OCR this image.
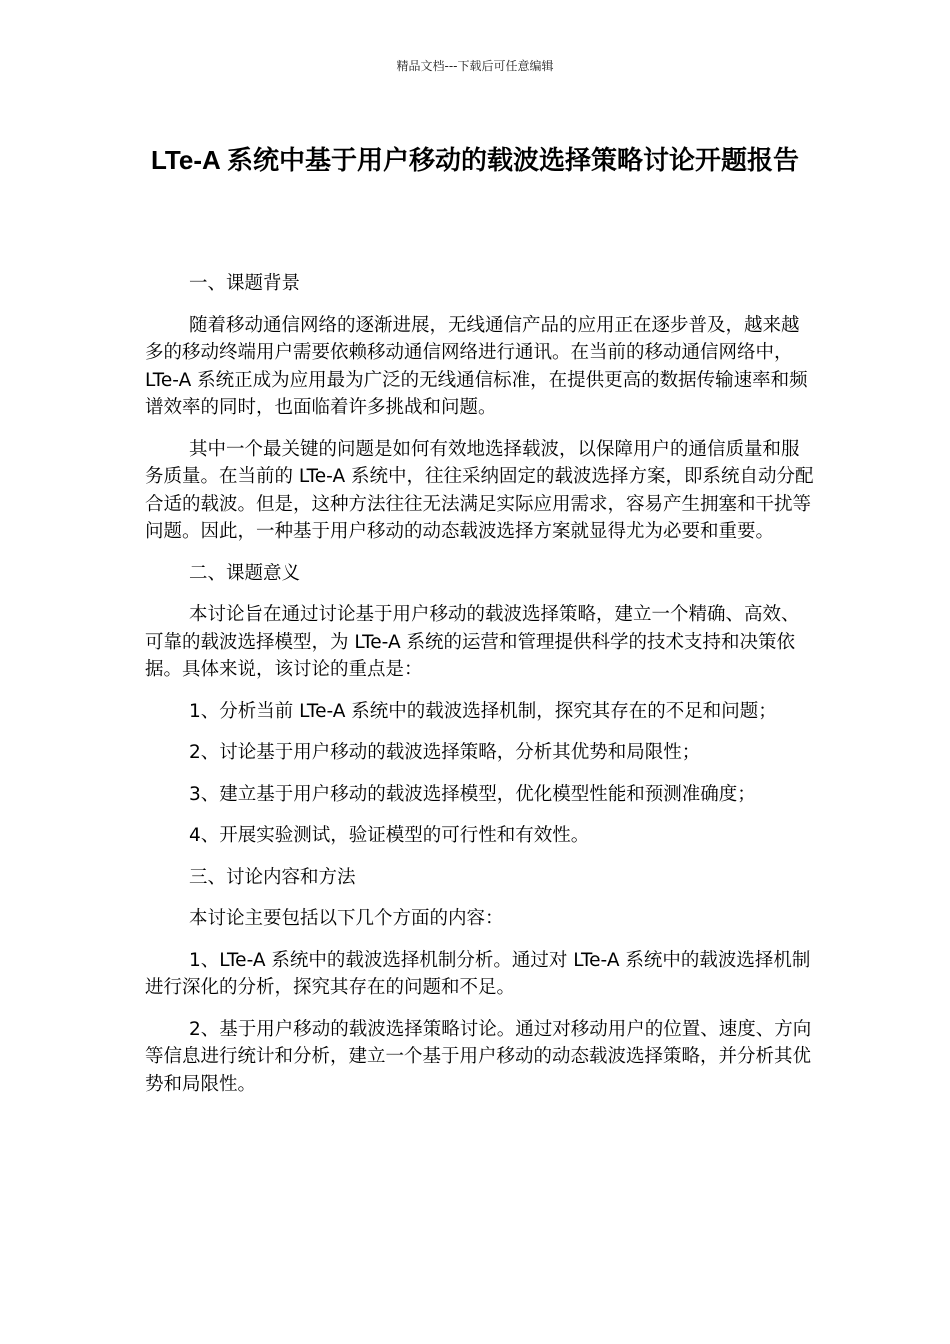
精品文档---下载后可任意编辑
LTe-A 系统中基于用户移动的载波选择策略讨论开题报告

一、课题背景

随着移动通信网络的逐渐进展，无线通信产品的应用正在逐步普及，越来越多的移动终端用户需要依赖移动通信网络进行通讯。在当前的移动通信网络中，LTe-A 系统正成为应用最为广泛的无线通信标准，在提供更高的数据传输速率和频谱效率的同时，也面临着许多挑战和问题。

其中一个最关键的问题是如何有效地选择载波，以保障用户的通信质量和服务质量。在当前的 LTe-A 系统中，往往采纳固定的载波选择方案，即系统自动分配合适的载波。但是，这种方法往往无法满足实际应用需求，容易产生拥塞和干扰等问题。因此，一种基于用户移动的动态载波选择方案就显得尤为必要和重要。

二、课题意义

本讨论旨在通过讨论基于用户移动的载波选择策略，建立一个精确、高效、可靠的载波选择模型，为 LTe-A 系统的运营和管理提供科学的技术支持和决策依据。具体来说，该讨论的重点是：

1、分析当前 LTe-A 系统中的载波选择机制，探究其存在的不足和问题；

2、讨论基于用户移动的载波选择策略，分析其优势和局限性；

3、建立基于用户移动的载波选择模型，优化模型性能和预测准确度；

4、开展实验测试，验证模型的可行性和有效性。

三、讨论内容和方法

本讨论主要包括以下几个方面的内容：

1、LTe-A 系统中的载波选择机制分析。通过对 LTe-A 系统中的载波选择机制进行深化的分析，探究其存在的问题和不足。

2、基于用户移动的载波选择策略讨论。通过对移动用户的位置、速度、方向等信息进行统计和分析，建立一个基于用户移动的动态载波选择策略，并分析其优势和局限性。
